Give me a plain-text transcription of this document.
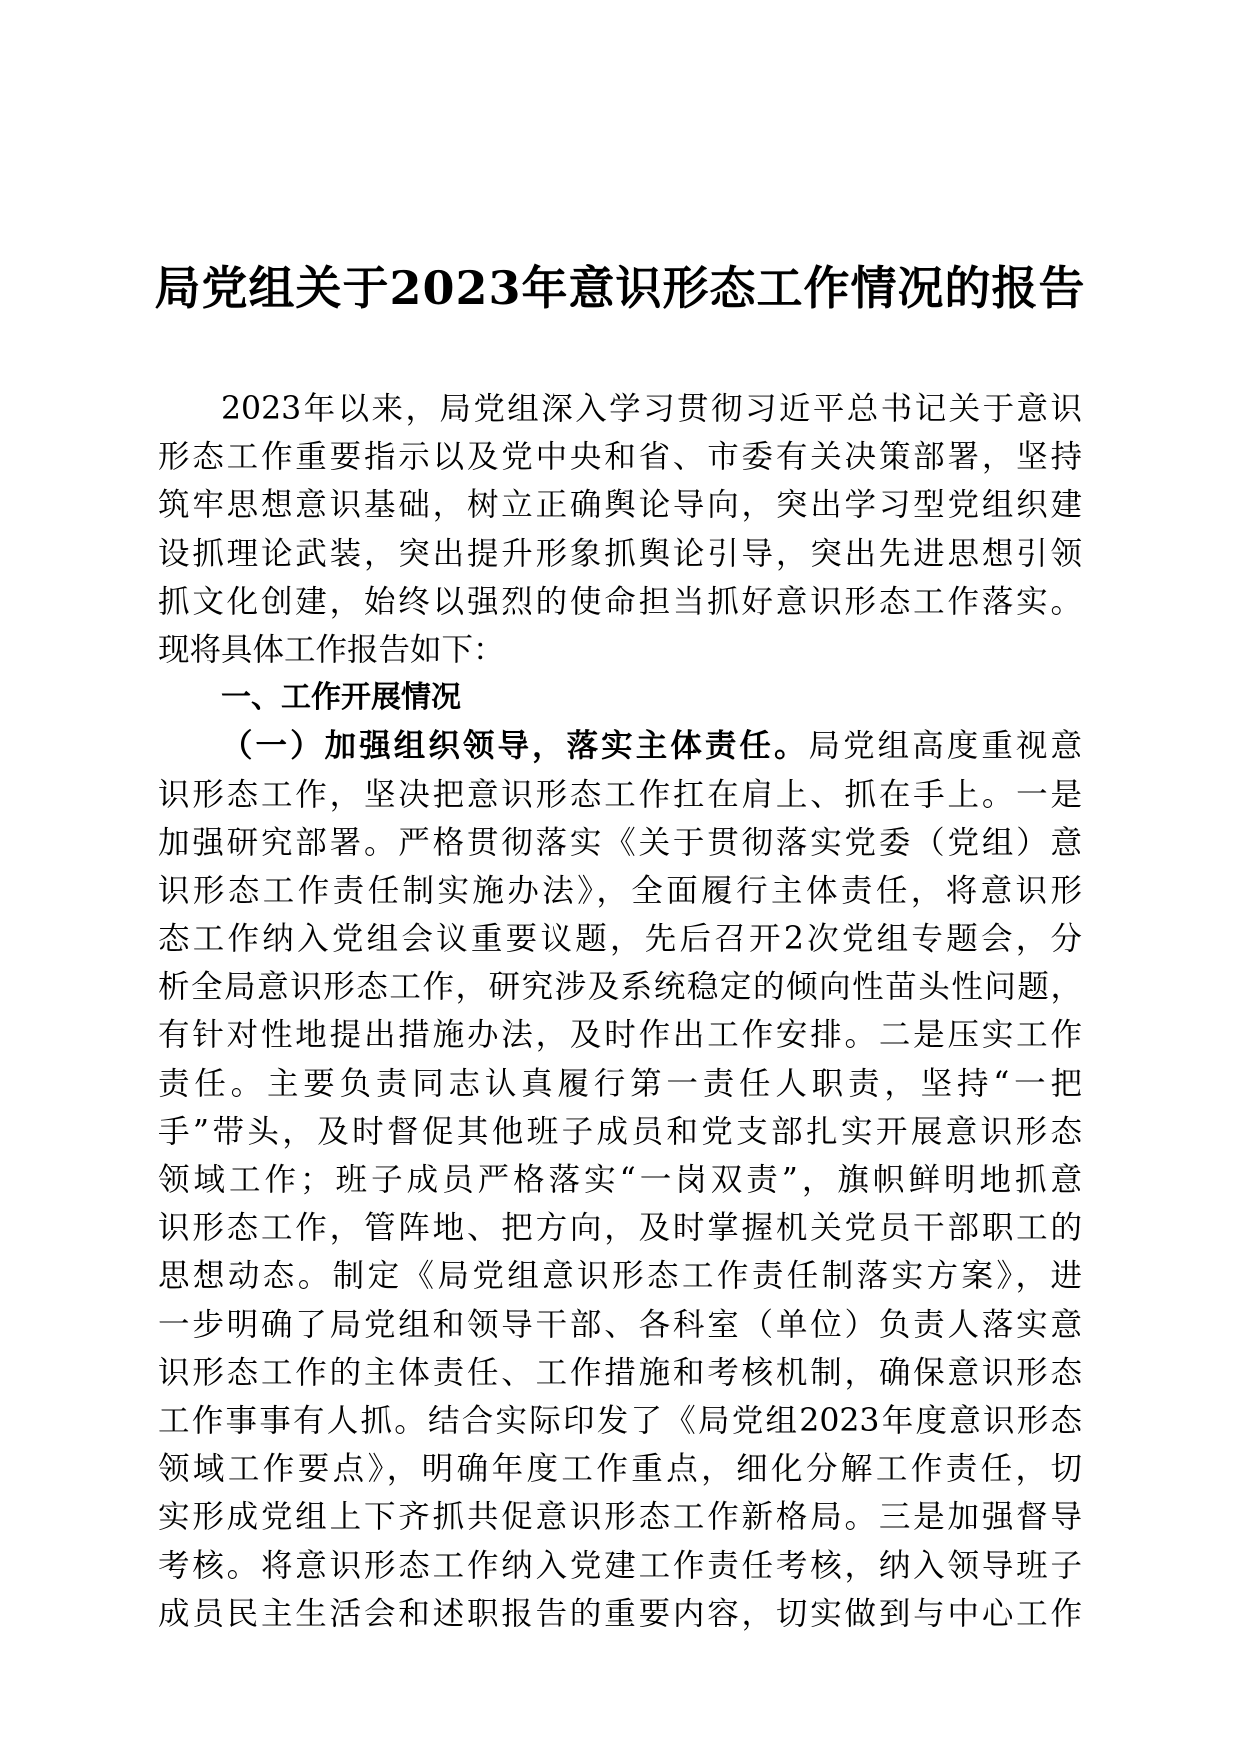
局党组关于2023年意识形态工作情况的报告
2023年以来，局党组深入学习贯彻习近平总书记关于意识
形态工作重要指示以及党中央和省、市委有关决策部署，坚持
筑牢思想意识基础，树立正确舆论导向，突出学习型党组织建
设抓理论武装，突出提升形象抓舆论引导，突出先进思想引领
抓文化创建，始终以强烈的使命担当抓好意识形态工作落实。
现将具体工作报告如下：
一、工作开展情况
（一）加强组织领导，落实主体责任。局党组高度重视意
识形态工作，坚决把意识形态工作扛在肩上、抓在手上。一是
加强研究部署。严格贯彻落实《关于贯彻落实党委（党组）意
识形态工作责任制实施办法》，全面履行主体责任，将意识形
态工作纳入党组会议重要议题，先后召开2次党组专题会，分
析全局意识形态工作，研究涉及系统稳定的倾向性苗头性问题，
有针对性地提出措施办法，及时作出工作安排。二是压实工作
责任。主要负责同志认真履行第一责任人职责，坚持“一把
手”带头，及时督促其他班子成员和党支部扎实开展意识形态
领域工作；班子成员严格落实“一岗双责”，旗帜鲜明地抓意
识形态工作，管阵地、把方向，及时掌握机关党员干部职工的
思想动态。制定《局党组意识形态工作责任制落实方案》，进
一步明确了局党组和领导干部、各科室（单位）负责人落实意
识形态工作的主体责任、工作措施和考核机制，确保意识形态
工作事事有人抓。结合实际印发了《局党组2023年度意识形态
领域工作要点》，明确年度工作重点，细化分解工作责任，切
实形成党组上下齐抓共促意识形态工作新格局。三是加强督导
考核。将意识形态工作纳入党建工作责任考核，纳入领导班子
成员民主生活会和述职报告的重要内容，切实做到与中心工作
